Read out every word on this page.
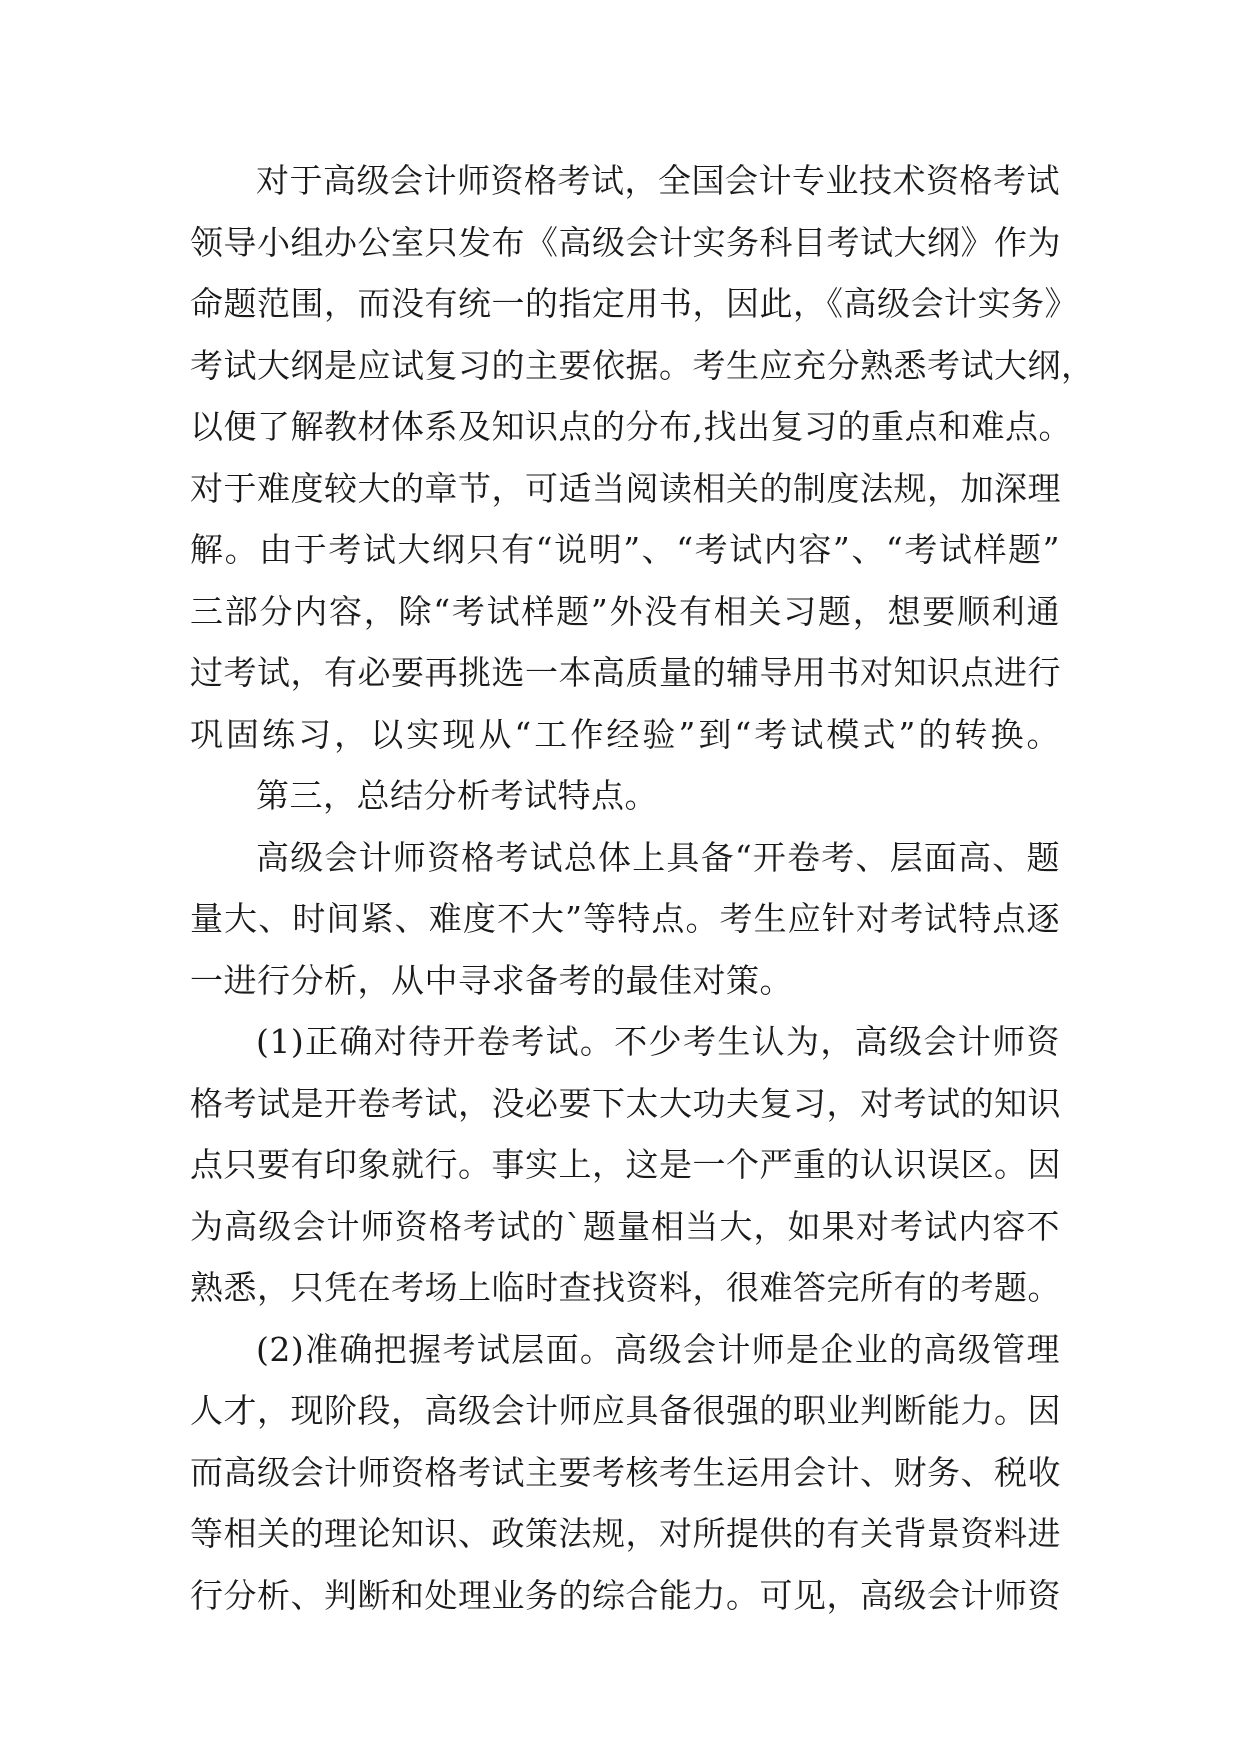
对于高级会计师资格考试，全国会计专业技术资格考试
领导小组办公室只发布《高级会计实务科目考试大纲》作为
命题范围，而没有统一的指定用书，因此，《高级会计实务》
考试大纲是应试复习的主要依据。考生应充分熟悉考试大纲，
以便了解教材体系及知识点的分布,找出复习的重点和难点。
对于难度较大的章节，可适当阅读相关的制度法规，加深理
解。由于考试大纲只有“说明”、“考试内容”、“考试样题”
三部分内容，除“考试样题”外没有相关习题，想要顺利通
过考试，有必要再挑选一本高质量的辅导用书对知识点进行
巩固练习，以实现从“工作经验”到“考试模式”的转换。
第三，总结分析考试特点。
高级会计师资格考试总体上具备“开卷考、层面高、题
量大、时间紧、难度不大”等特点。考生应针对考试特点逐
一进行分析，从中寻求备考的最佳对策。
(1)正确对待开卷考试。不少考生认为，高级会计师资
格考试是开卷考试，没必要下太大功夫复习，对考试的知识
点只要有印象就行。事实上，这是一个严重的认识误区。因
为高级会计师资格考试的`题量相当大，如果对考试内容不
熟悉，只凭在考场上临时查找资料，很难答完所有的考题。
(2)准确把握考试层面。高级会计师是企业的高级管理
人才，现阶段，高级会计师应具备很强的职业判断能力。因
而高级会计师资格考试主要考核考生运用会计、财务、税收
等相关的理论知识、政策法规，对所提供的有关背景资料进
行分析、判断和处理业务的综合能力。可见，高级会计师资
